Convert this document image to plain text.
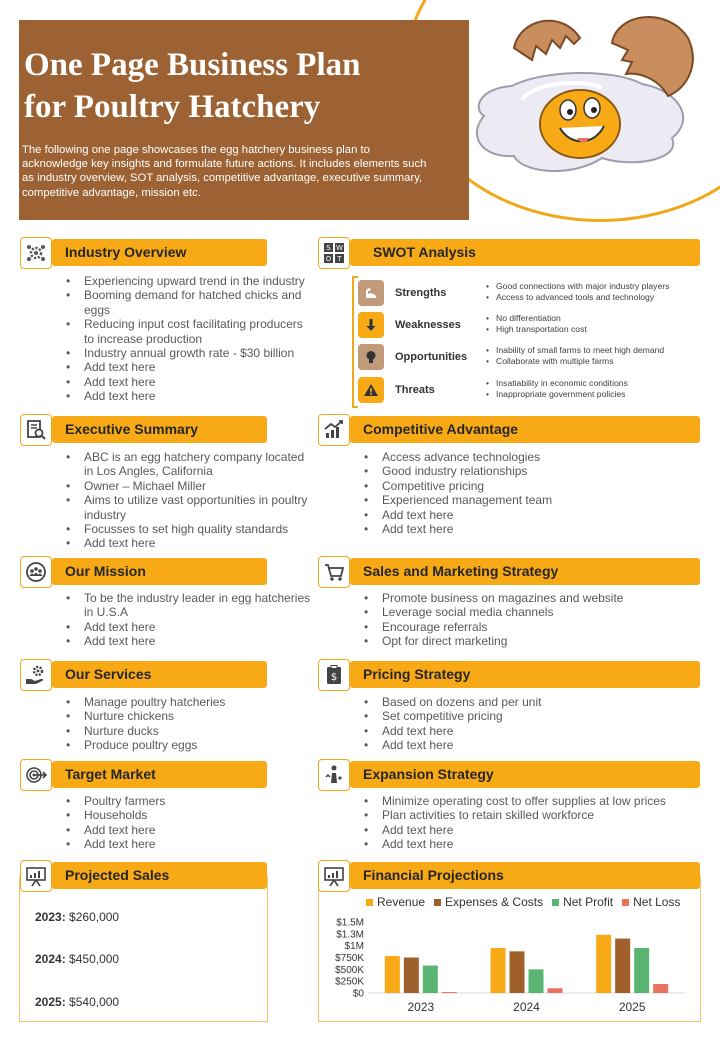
One Page Business Plan
for Poultry Hatchery
The following one page showcases the egg hatchery business plan to acknowledge key insights and formulate future actions. It includes elements such as industry overview, SOT analysis, competitive advantage, executive summary, competitive advantage, mission etc.
Industry Overview
• Experiencing upward trend in the industry
• Booming demand for hatched chicks and eggs
• Reducing input cost facilitating producers to increase production
• Industry annual growth rate - $30 billion
• Add text here
• Add text here
• Add text here
S W
O T SWOT Analysis
Strengths
• Good connections with major industry players
• Access to advanced tools and technology
Weaknesses
• No differentiation
• High transportation cost
Opportunities
• Inability of small farms to meet high demand
• Collaborate with multiple farms
Threats
• Insatiability in economic conditions
• Inappropriate government policies
Executive Summary
• ABC is an egg hatchery company located in Los Angles, California
• Owner – Michael Miller
• Aims to utilize vast opportunities in poultry industry
• Focusses to set high quality standards
• Add text here
Competitive Advantage
• Access advance technologies
• Good industry relationships
• Competitive pricing
• Experienced management team
• Add text here
• Add text here
Our Mission
• To be the industry leader in egg hatcheries in U.S.A
• Add text here
• Add text here
Sales and Marketing Strategy
• Promote business on magazines and website
• Leverage social media channels
• Encourage referrals
• Opt for direct marketing
Our Services
• Manage poultry hatcheries
• Nurture chickens
• Nurture ducks
• Produce poultry eggs
$ Pricing Strategy
• Based on dozens and per unit
• Set competitive pricing
• Add text here
• Add text here
Target Market
• Poultry farmers
• Households
• Add text here
• Add text here
Expansion Strategy
• Minimize operating cost to offer supplies at low prices
• Plan activities to retain skilled workforce
• Add text here
• Add text here
Projected Sales
2023: $260,000
2024: $450,000
2025: $540,000
Financial Projections
Revenue Expenses & Costs Net Profit Net Loss
$0
$250K
$500K
$750K
$1M
$1.3M
$1.5M
2023	2024	2025
